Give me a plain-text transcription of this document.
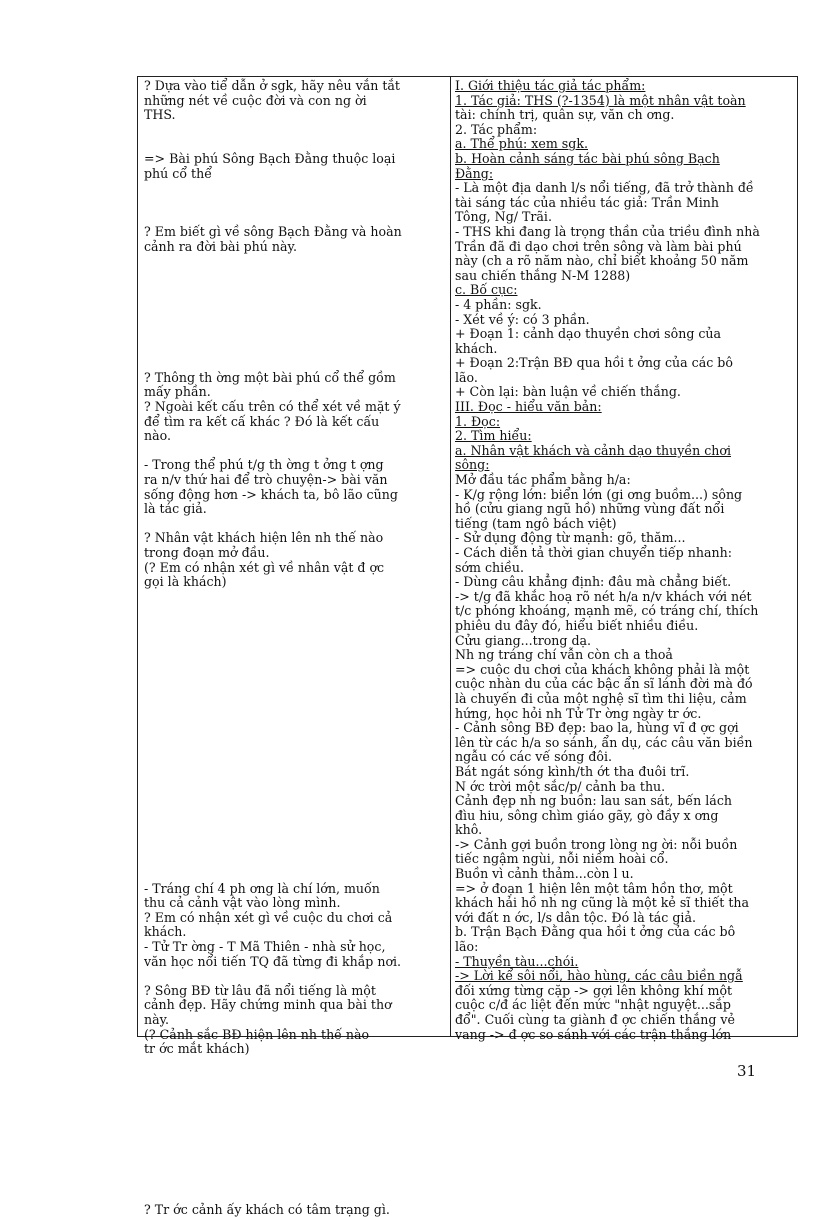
? Dựa vào tiể dẫn ở sgk, hãy nêu vắn tắt
những nét về cuộc đời và con ng ời
THS.

=> Bài phú Sông Bạch Đằng thuộc loại
phú cổ thể

? Em biết gì về sông Bạch Đằng và hoàn
cảnh ra đời bài phú này.

? Thông th ờng một bài phú cổ thể gồm
mấy phần.
? Ngoài kết cấu trên có thể xét về mặt ý
để tìm ra kết cấ khác ? Đó là kết cấu
nào.

- Trong thể phú t/g th ờng t ởng t ợng
ra n/v thứ hai để trò chuyện-> bài văn
sống động hơn -> khách ta, bô lão cũng
là tác giả.

? Nhân vật khách hiện lên nh thế nào
trong đoạn mở đầu.
(? Em có nhận xét gì về nhân vật đ ợc
gọi là khách)

- Tráng chí 4 ph ơng là chí lớn, muốn
thu cả cảnh vật vào lòng mình.
? Em có nhận xét gì về cuộc du chơi cả
khách.
- Tử Tr ờng - T Mã Thiên - nhà sử học,
văn học nổi tiến TQ đã từng đi khắp nơi.

? Sông BĐ từ lâu đã nổi tiếng là một
cảnh đẹp. Hãy chứng minh qua bài thơ
này.
(? Cảnh sắc BĐ hiện lên nh thế nào
tr ớc mắt khách)

? Tr ớc cảnh ấy khách có tâm trạng gì.
I. Giới thiệu tác giả tác phẩm:
1. Tác giả: THS (?-1354) là một nhân vật toàn
tài: chính trị, quân sự, văn ch ơng.
2. Tác phẩm:
a. Thể phú: xem sgk.
b. Hoàn cảnh sáng tác bài phú sông Bạch
Đằng:
- Là một địa danh l/s nổi tiếng, đã trở thành đề
tài sáng tác của nhiều tác giả: Trần Minh
Tông, Ng/ Trãi.
- THS khi đang là trọng thần của triều đình nhà
Trần đã đi dạo chơi trên sông và làm bài phú
này (ch a rõ năm nào, chỉ biết khoảng 50 năm
sau chiến thắng N-M 1288)
c. Bố cục:
- 4 phần: sgk.
- Xét về ý: có 3 phần.
+ Đoạn 1: cảnh dạo thuyền chơi sông của
khách.
+ Đoạn 2:Trận BĐ qua hồi t ởng của các bô
lão.
+ Còn lại: bàn luận về chiến thắng.
III. Đọc - hiểu văn bản:
1. Đọc:
2. Tìm hiểu:
a. Nhân vật khách và cảnh dạo thuyền chơi
sông:
Mở đầu tác phẩm bằng h/a:
- K/g rộng lớn: biển lớn (gi ơng buồm...) sông
hồ (cửu giang ngũ hồ) những vùng đất nổi
tiếng (tam ngô bách việt)
- Sử dụng động từ mạnh: gõ, thăm...
- Cách diễn tả thời gian chuyển tiếp nhanh:
sớm chiều.
- Dùng câu khẳng định: đâu mà chẳng biết.
-> t/g đã khắc hoạ rõ nét h/a n/v khách với nét
t/c phóng khoáng, mạnh mẽ, có tráng chí, thích
phiêu du đây đó, hiểu biết nhiều điều.
Cửu giang...trong dạ.
Nh ng tráng chí vẫn còn ch a thoả
=> cuộc du chơi của khách không phải là một
cuộc nhàn du của các bậc ẩn sĩ lánh đời mà đó
là chuyến đi của một nghệ sĩ tìm thi liệu, cảm
hứng, học hỏi nh Tử Tr ờng ngày tr ớc.
- Cảnh sông BĐ đẹp: bao la, hùng vĩ đ ợc gợi
lên từ các h/a so sánh, ẩn dụ, các câu văn biền
ngẫu có các vế sóng đôi.
Bát ngát sóng kình/th ớt tha đuôi trĩ.
N ớc trời một sắc/p/ cảnh ba thu.
Cảnh đẹp nh ng buồn: lau san sát, bến lách
đìu hiu, sông chìm giáo gãy, gò đầy x ơng
khô.
-> Cảnh gợi buồn trong lòng ng ời: nỗi buồn
tiếc ngậm ngùi, nỗi niềm hoài cổ.
Buồn vì cảnh thảm...còn l u.
=> ở đoạn 1 hiện lên một tâm hồn thơ, một
khách hải hồ nh ng cũng là một kẻ sĩ thiết tha
với đất n ớc, l/s dân tộc. Đó là tác giả.
b. Trận Bạch Đằng qua hồi t ởng của các bô
lão:
- Thuyền tàu...chói.
-> Lời kể sôi nổi, hào hùng, các câu biền ngẫ
đối xứng từng cặp -> gợi lên không khí một
cuộc c/đ ác liệt đến mức "nhật nguyệt...sắp
đổ". Cuối cùng ta giành đ ợc chiến thắng vẻ
vang -> đ ợc so sánh với các trận thắng lớn
31
